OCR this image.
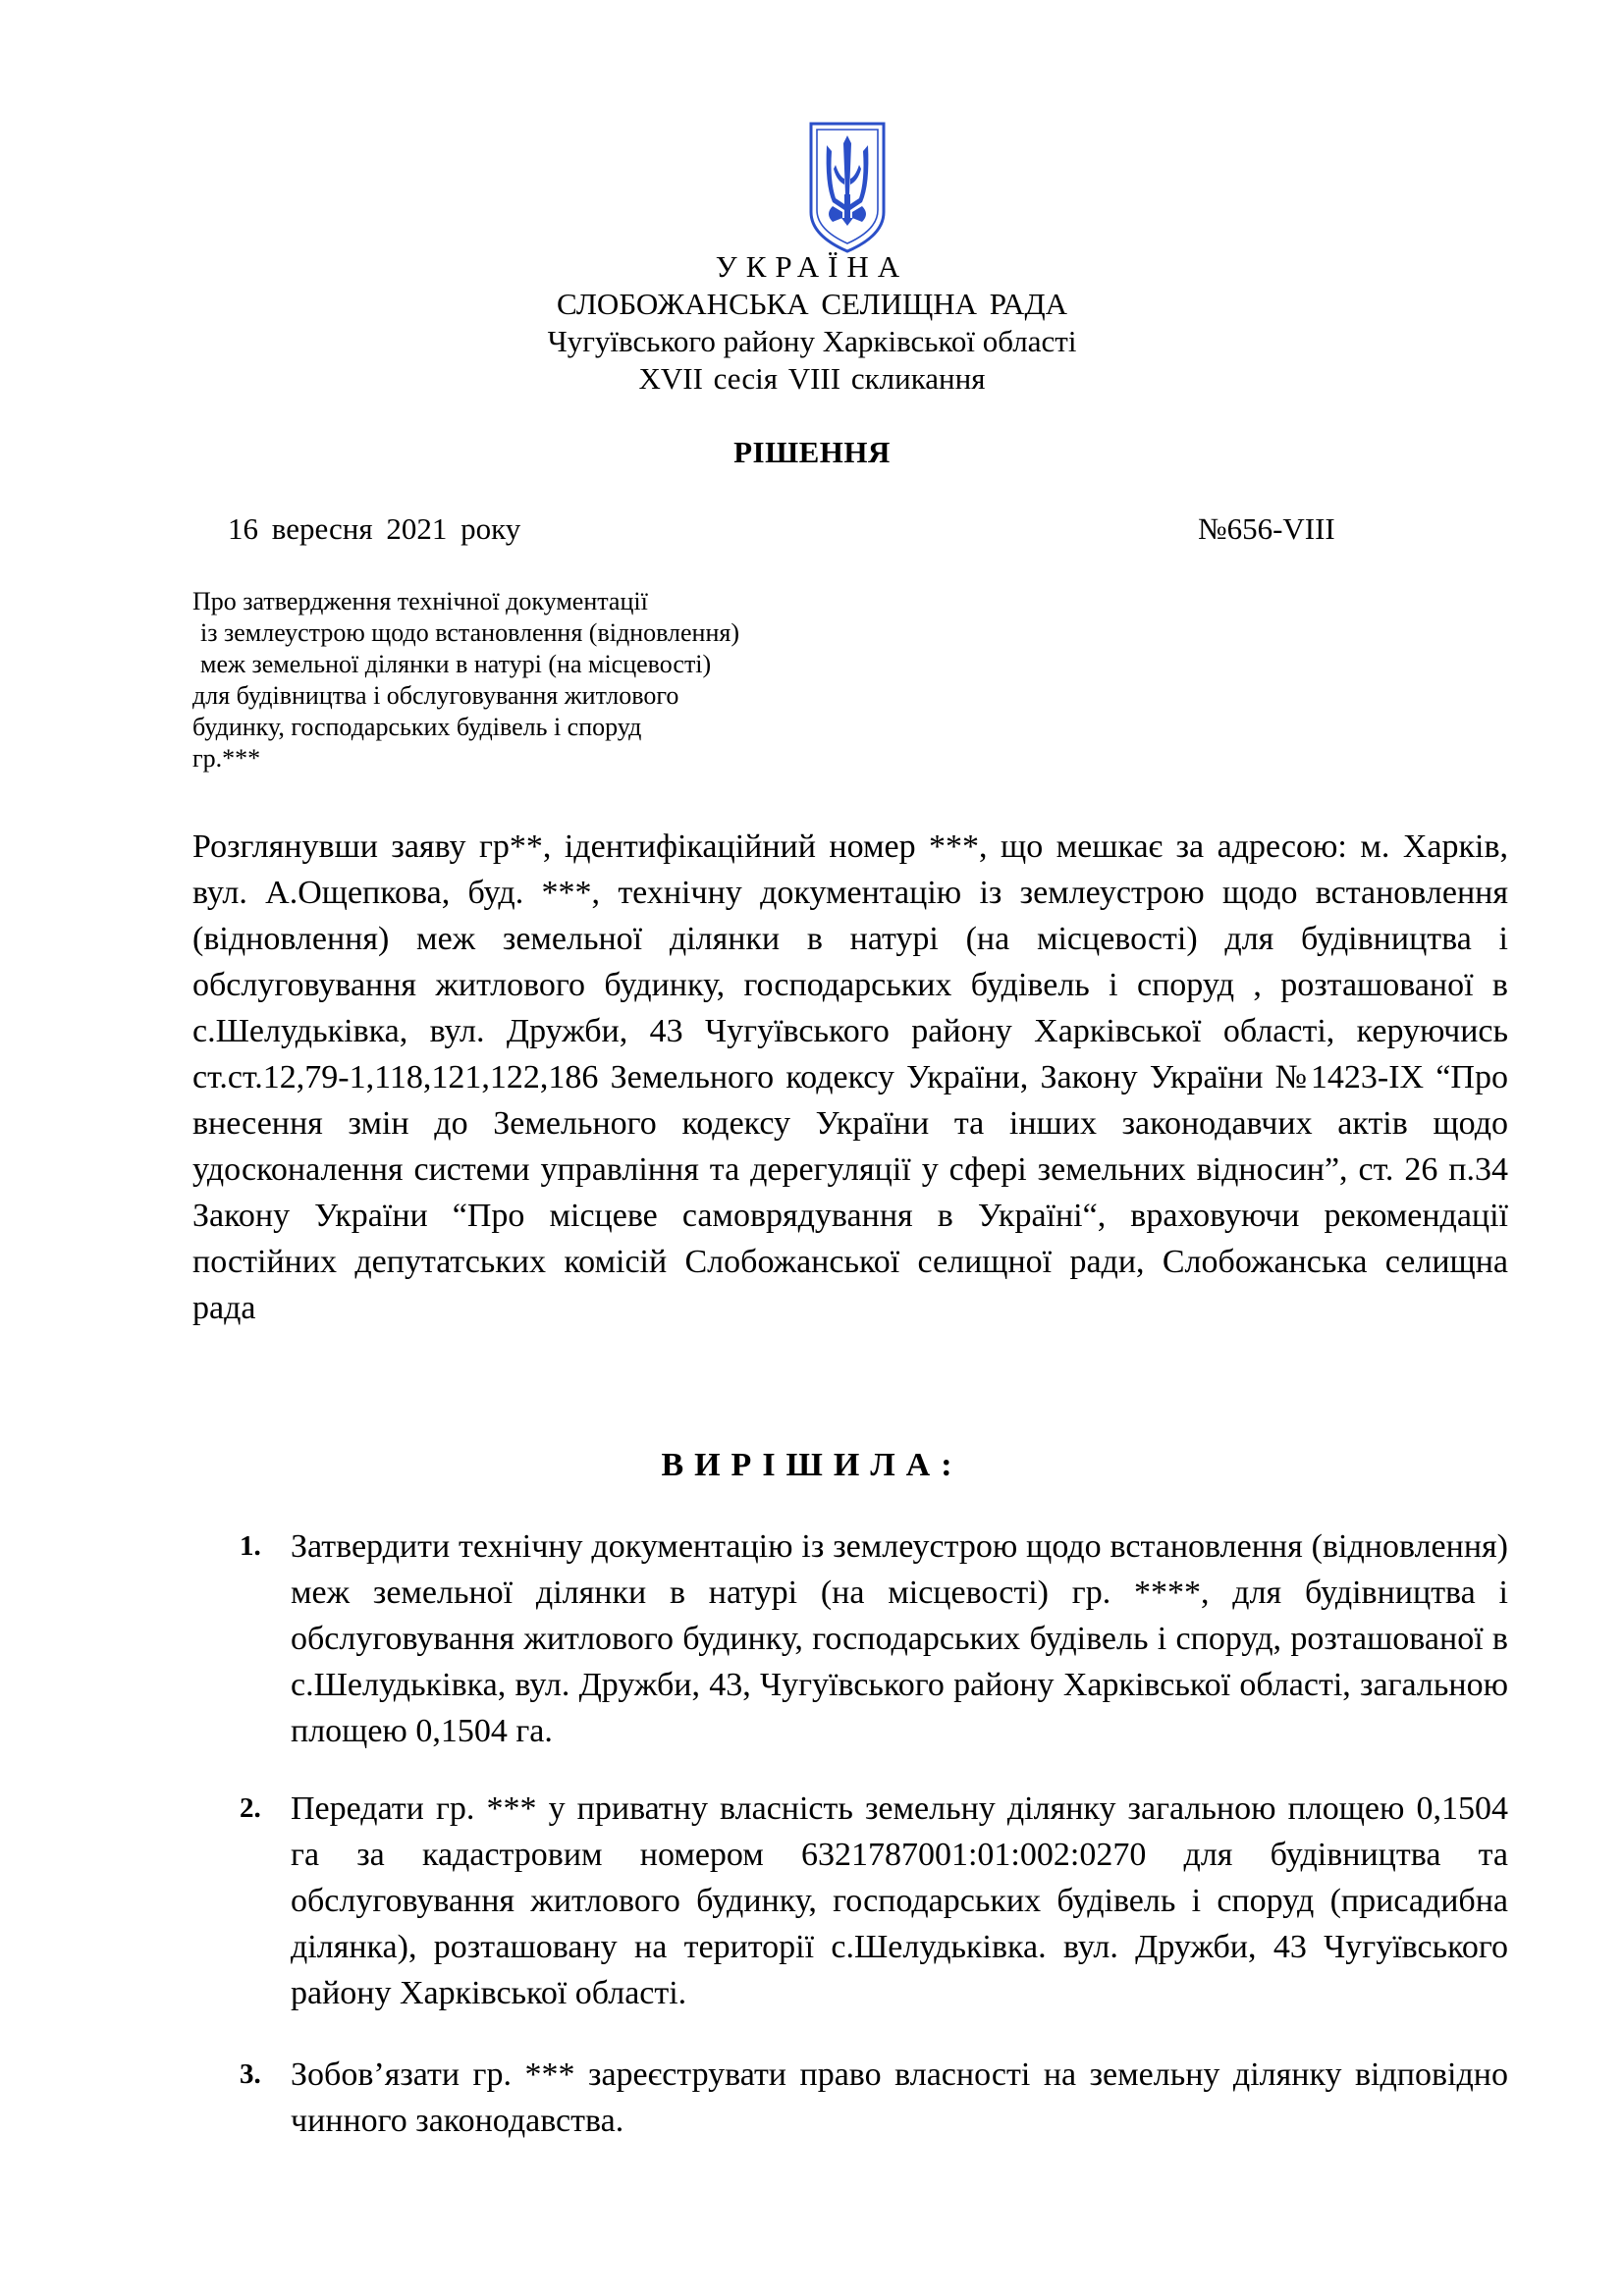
УКРАЇНА
СЛОБОЖАНСЬКА СЕЛИЩНА РАДА
Чугуївського району Харківської області
XVII сесія VIII скликання
РІШЕННЯ
16 вересня 2021 року	№656-VIII
Про затвердження технічної документації
із землеустрою щодо встановлення (відновлення)
меж земельної ділянки в натурі (на місцевості)
для будівництва і обслуговування житлового
будинку, господарських будівель і споруд
гр.***
Розглянувши заяву гр**, ідентифікаційний номер ***, що мешкає за адресою: м. Харків, вул. А.Ощепкова, буд. ***, технічну документацію із землеустрою щодо встановлення (відновлення) меж земельної ділянки в натурі (на місцевості) для будівництва і обслуговування житлового будинку, господарських будівель і споруд , розташованої в с.Шелудьківка, вул. Дружби, 43 Чугуївського району Харківської області, керуючись ст.ст.12,79-1,118,121,122,186 Земельного кодексу України, Закону України №1423-IX “Про внесення змін до Земельного кодексу України та інших законодавчих актів щодо удосконалення системи управління та дерегуляції у сфері земельних відносин”, ст. 26 п.34 Закону України “Про місцеве самоврядування в Україні“, враховуючи рекомендації постійних депутатських комісій Слобожанської селищної ради, Слобожанська селищна рада
ВИРІШИЛА:
1. Затвердити технічну документацію із землеустрою щодо встановлення (відновлення) меж земельної ділянки в натурі (на місцевості) гр. ****, для будівництва і обслуговування житлового будинку, господарських будівель і споруд, розташованої в с.Шелудьківка, вул. Дружби, 43, Чугуївського району Харківської області, загальною площею 0,1504 га.
2. Передати гр. *** у приватну власність земельну ділянку загальною площею 0,1504 га за кадастровим номером 6321787001:01:002:0270 для будівництва та обслуговування житлового будинку, господарських будівель і споруд (присадибна ділянка), розташовану на території с.Шелудьківка. вул. Дружби, 43 Чугуївського району Харківської області.
3. Зобов’язати гр. *** зареєструвати право власності на земельну ділянку відповідно чинного законодавства.
